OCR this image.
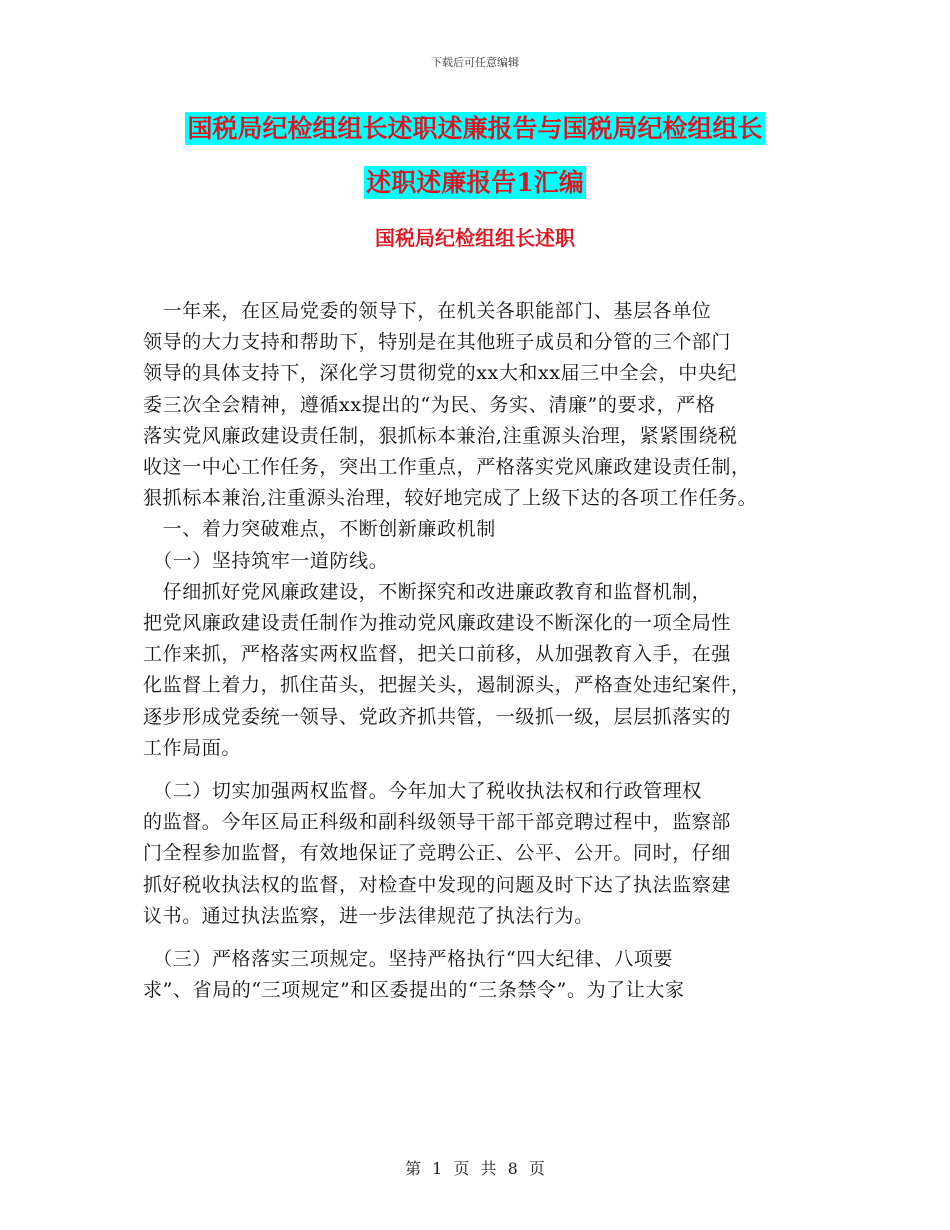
下载后可任意编辑
国税局纪检组组长述职述廉报告与国税局纪检组组长
述职述廉报告1汇编
国税局纪检组组长述职

　一年来，在区局党委的领导下，在机关各职能部门、基层各单位

领导的大力支持和帮助下，特别是在其他班子成员和分管的三个部门

领导的具体支持下，深化学习贯彻党的xx大和xx届三中全会，中央纪

委三次全会精神，遵循xx提出的“为民、务实、清廉”的要求，严格

落实党风廉政建设责任制，狠抓标本兼治,注重源头治理，紧紧围绕税

收这一中心工作任务，突出工作重点，严格落实党风廉政建设责任制，

狠抓标本兼治,注重源头治理，较好地完成了上级下达的各项工作任务。

　一、着力突破难点，不断创新廉政机制

　（一）坚持筑牢一道防线。

　仔细抓好党风廉政建设，不断探究和改进廉政教育和监督机制，

把党风廉政建设责任制作为推动党风廉政建设不断深化的一项全局性

工作来抓，严格落实两权监督，把关口前移，从加强教育入手，在强

化监督上着力，抓住苗头，把握关头，遏制源头，严格查处违纪案件，

逐步形成党委统一领导、党政齐抓共管，一级抓一级，层层抓落实的

工作局面。

　（二）切实加强两权监督。今年加大了税收执法权和行政管理权

的监督。今年区局正科级和副科级领导干部干部竞聘过程中，监察部

门全程参加监督，有效地保证了竞聘公正、公平、公开。同时，仔细

抓好税收执法权的监督，对检查中发现的问题及时下达了执法监察建

议书。通过执法监察，进一步法律规范了执法行为。

　（三）严格落实三项规定。坚持严格执行“四大纪律、八项要

求”、省局的“三项规定”和区委提出的“三条禁令”。为了让大家

第 1 页 共 8 页
